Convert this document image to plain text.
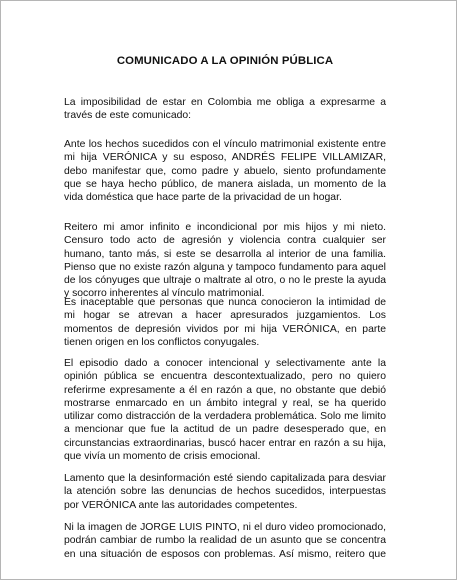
COMUNICADO A LA OPINIÓN PÚBLICA
La imposibilidad de estar en Colombia me obliga a expresarme a
través de este comunicado:
Ante los hechos sucedidos con el vínculo matrimonial existente entre
mi hija VERÓNICA y su esposo, ANDRÉS FELIPE VILLAMIZAR,
debo manifestar que, como padre y abuelo, siento profundamente
que se haya hecho público, de manera aislada, un momento de la
vida doméstica que hace parte de la privacidad de un hogar.
Reitero mi amor infinito e incondicional por mis hijos y mi nieto.
Censuro todo acto de agresión y violencia contra cualquier ser
humano, tanto más, si este se desarrolla al interior de una familia.
Pienso que no existe razón alguna y tampoco fundamento para aquel
de los cónyuges que ultraje o maltrate al otro, o no le preste la ayuda
y socorro inherentes al vínculo matrimonial.
Es inaceptable que personas que nunca conocieron la intimidad de
mi hogar se atrevan a hacer apresurados juzgamientos. Los
momentos de depresión vividos por mi hija VERÓNICA, en parte
tienen origen en los conflictos conyugales.
El episodio dado a conocer intencional y selectivamente ante la
opinión pública se encuentra descontextualizado, pero no quiero
referirme expresamente a él en razón a que, no obstante que debió
mostrarse enmarcado en un ámbito integral y real, se ha querido
utilizar como distracción de la verdadera problemática. Solo me limito
a mencionar que fue la actitud de un padre desesperado que, en
circunstancias extraordinarias, buscó hacer entrar en razón a su hija,
que vivía un momento de crisis emocional.
Lamento que la desinformación esté siendo capitalizada para desviar
la atención sobre las denuncias de hechos sucedidos, interpuestas
por VERÓNICA ante las autoridades competentes.
Ni la imagen de JORGE LUIS PINTO, ni el duro video promocionado,
podrán cambiar de rumbo la realidad de un asunto que se concentra
en una situación de esposos con problemas. Así mismo, reitero que
